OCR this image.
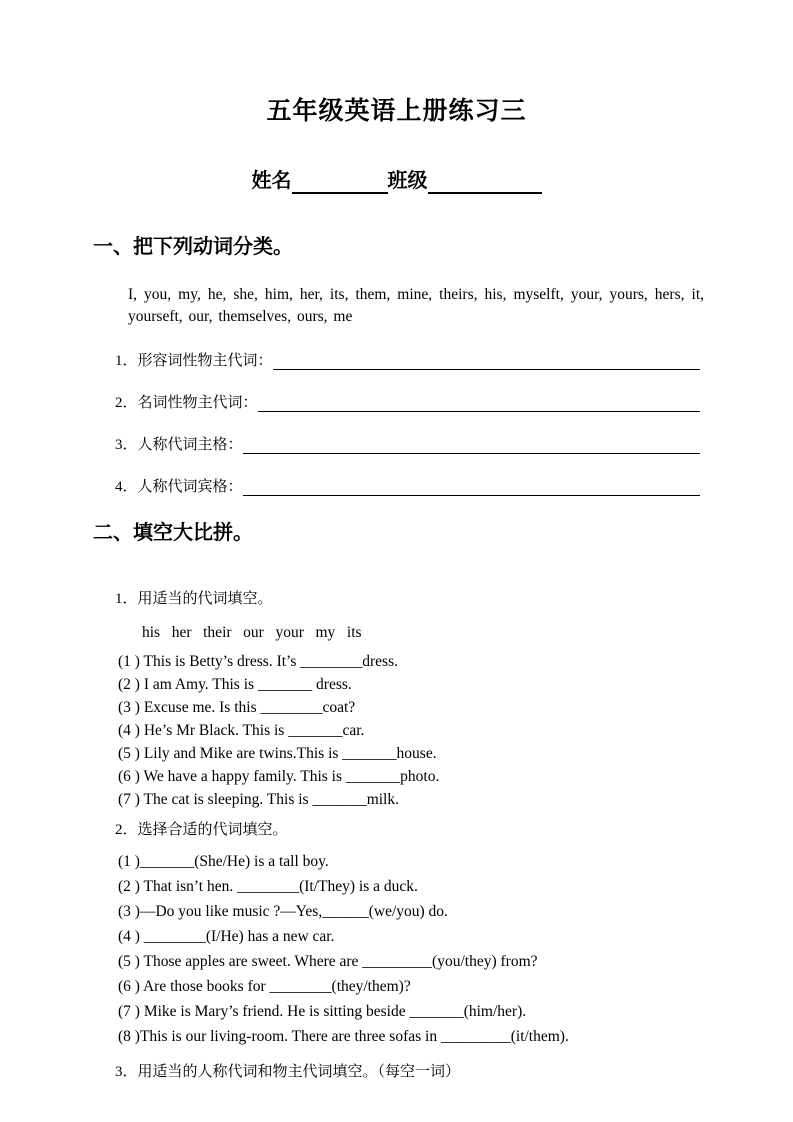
五年级英语上册练习三
姓名	班级
一、把下列动词分类。

I, you, my, he, she, him, her, its, them, mine, theirs, his, myselft, your, yours, hers, it, yourseft, our, themselves, ours, me

1．形容词性物主代词：
2．名词性物主代词：
3．人称代词主格：
4．人称代词宾格：
二、填空大比拼。

1．用适当的代词填空。

his   her   their   our   your   my   its

(1 ) This is Betty’s dress. It’s ________dress.
(2 ) I am Amy. This is _______ dress.
(3 ) Excuse me. Is this ________coat?
(4 ) He’s Mr Black. This is _______car.
(5 ) Lily and Mike are twins.This is _______house.
(6 ) We have a happy family. This is _______photo.
(7 ) The cat is sleeping. This is _______milk.

2．选择合适的代词填空。

(1 )_______(She/He) is a tall boy.
(2 ) That isn’t hen. ________(It/They) is a duck.
(3 )—Do you like music ?—Yes,______(we/you) do.
(4 ) ________(I/He) has a new car.
(5 ) Those apples are sweet. Where are _________(you/they) from?
(6 ) Are those books for ________(they/them)?
(7 ) Mike is Mary’s friend. He is sitting beside _______(him/her).
(8 )This is our living-room. There are three sofas in _________(it/them).

3．用适当的人称代词和物主代词填空。（每空一词）
